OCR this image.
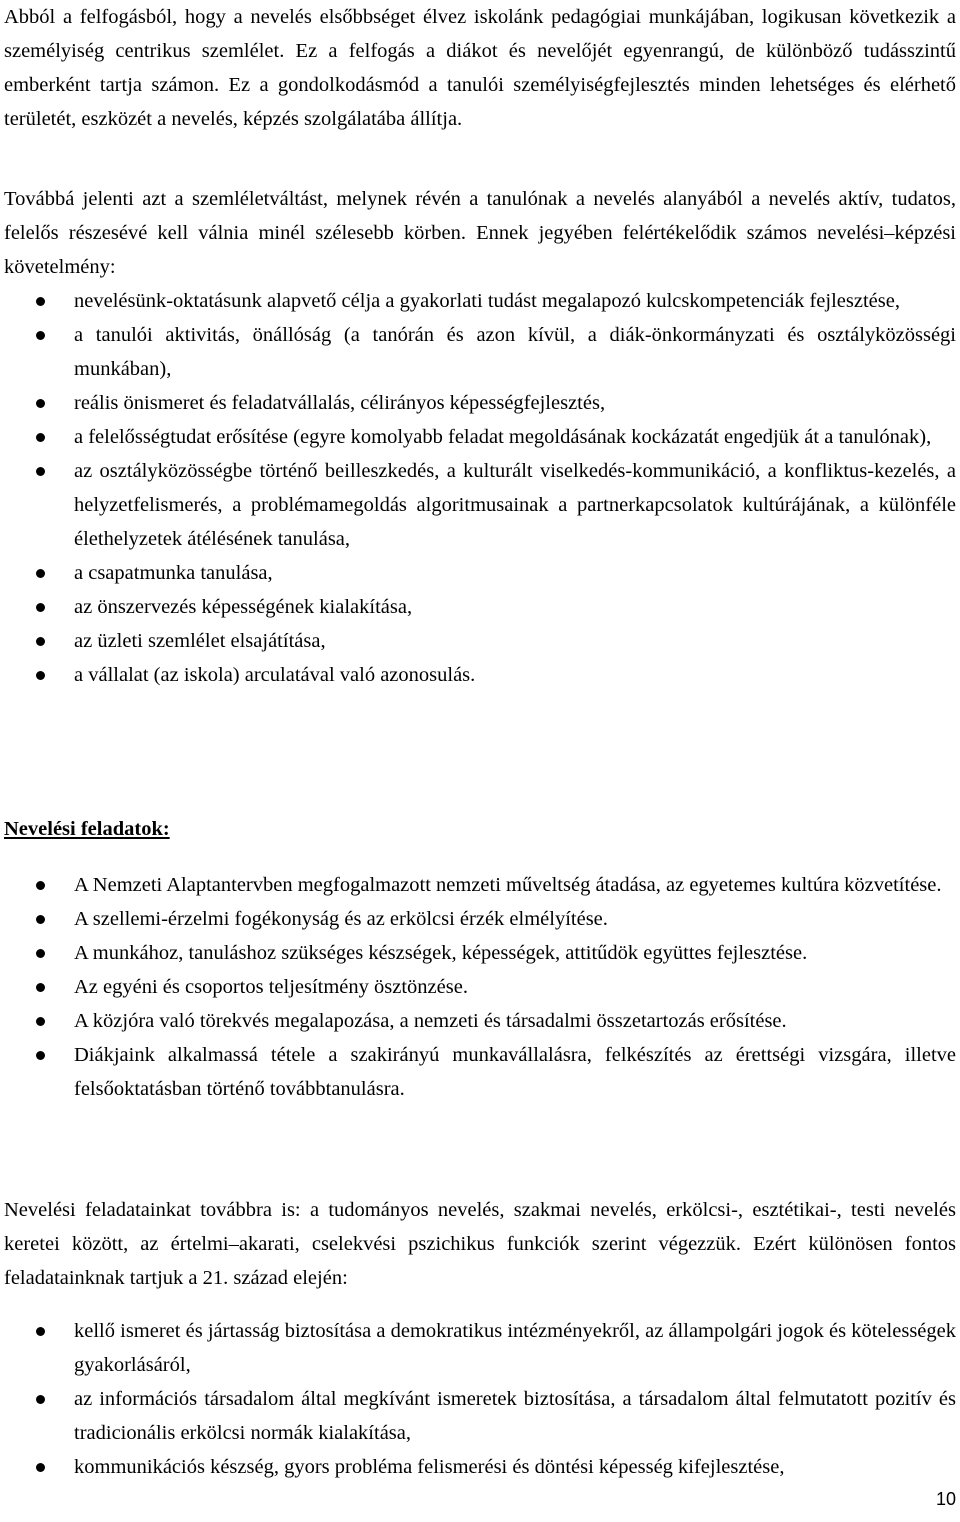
Abból a felfogásból, hogy a nevelés elsőbbséget élvez iskolánk pedagógiai munkájában, logikusan következik a személyiség centrikus szemlélet. Ez a felfogás a diákot és nevelőjét egyenrangú, de különböző tudásszintű emberként tartja számon. Ez a gondolkodásmód a tanulói személyiségfejlesztés minden lehetséges és elérhető területét, eszközét a nevelés, képzés szolgálatába állítja.

Továbbá jelenti azt a szemléletváltást, melynek révén a tanulónak a nevelés alanyából a nevelés aktív, tudatos, felelős részesévé kell válnia minél szélesebb körben. Ennek jegyében felértékelődik számos nevelési–képzési követelmény:

nevelésünk-oktatásunk alapvető célja a gyakorlati tudást megalapozó kulcskompetenciák fejlesztése,
a tanulói aktivitás, önállóság (a tanórán és azon kívül, a diák-önkormányzati és osztályközösségi munkában),
reális önismeret és feladatvállalás, célirányos képességfejlesztés,
a felelősségtudat erősítése (egyre komolyabb feladat megoldásának kockázatát engedjük át a tanulónak),
az osztályközösségbe történő beilleszkedés, a kulturált viselkedés-kommunikáció, a konfliktus-kezelés, a helyzetfelismerés, a problémamegoldás algoritmusainak a partnerkapcsolatok kultúrájának, a különféle élethelyzetek átélésének tanulása,
a csapatmunka tanulása,
az önszervezés képességének kialakítása,
az üzleti szemlélet elsajátítása,
a vállalat (az iskola) arculatával való azonosulás.

Nevelési feladatok:

A Nemzeti Alaptantervben megfogalmazott nemzeti műveltség átadása, az egyetemes kultúra közvetítése.
A szellemi-érzelmi fogékonyság és az erkölcsi érzék elmélyítése.
A munkához, tanuláshoz szükséges készségek, képességek, attitűdök együttes fejlesztése.
Az egyéni és csoportos teljesítmény ösztönzése.
A közjóra való törekvés megalapozása, a nemzeti és társadalmi összetartozás erősítése.
Diákjaink alkalmassá tétele a szakirányú munkavállalásra, felkészítés az érettségi vizsgára, illetve felsőoktatásban történő továbbtanulásra.

Nevelési feladatainkat továbbra is: a tudományos nevelés, szakmai nevelés, erkölcsi-, esztétikai-, testi nevelés keretei között, az értelmi–akarati, cselekvési pszichikus funkciók szerint végezzük. Ezért különösen fontos feladatainknak tartjuk a 21. század elején:

kellő ismeret és jártasság biztosítása a demokratikus intézményekről, az állampolgári jogok és kötelességek gyakorlásáról,
az információs társadalom által megkívánt ismeretek biztosítása, a társadalom által felmutatott pozitív és tradicionális erkölcsi normák kialakítása,
kommunikációs készség, gyors probléma felismerési és döntési képesség kifejlesztése,
10
